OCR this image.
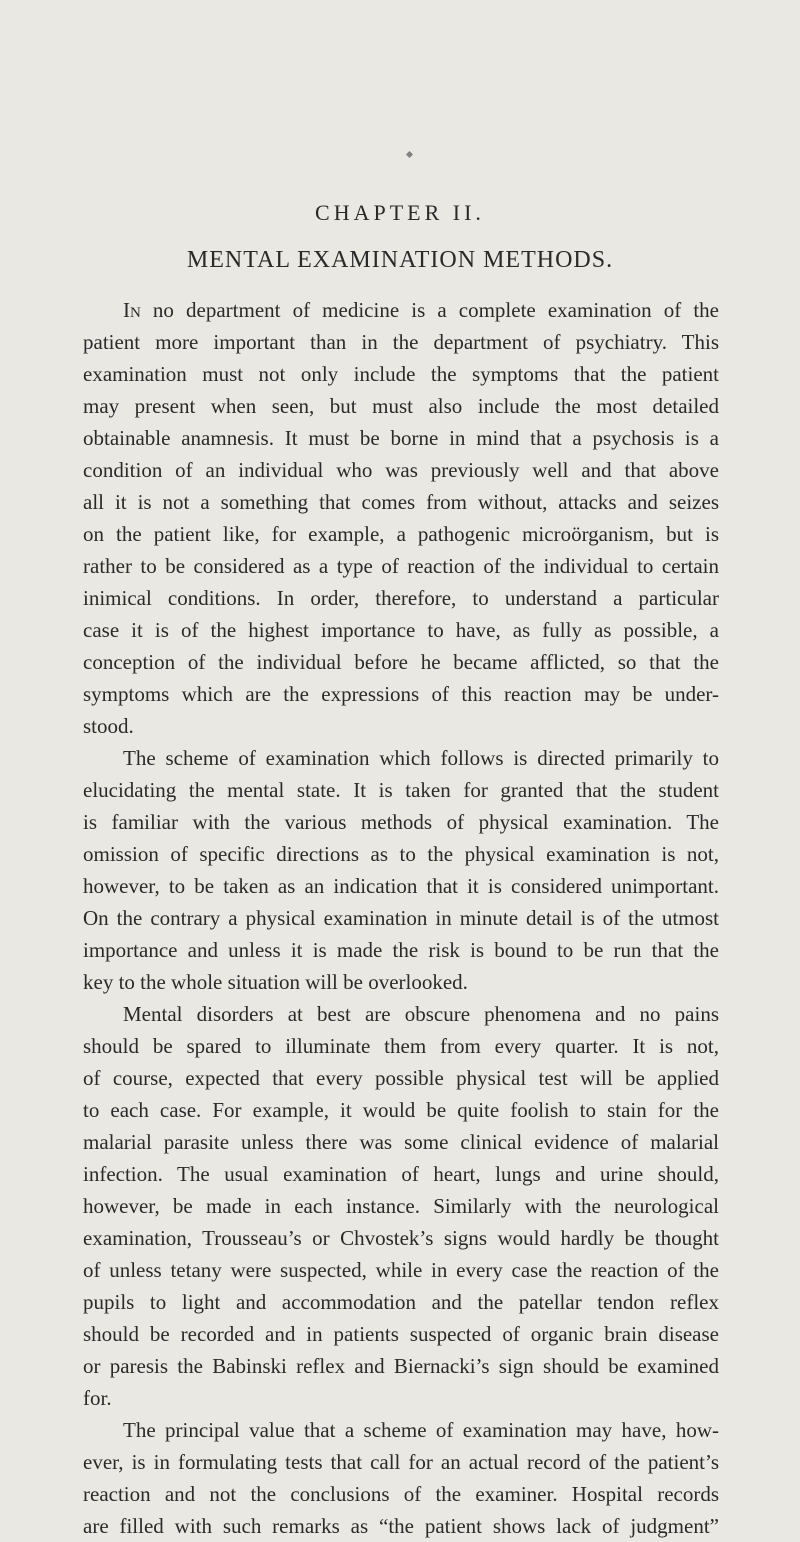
CHAPTER II.
MENTAL EXAMINATION METHODS.
In no department of medicine is a complete examination of the
patient more important than in the department of psychiatry. This
examination must not only include the symptoms that the patient
may present when seen, but must also include the most detailed
obtainable anamnesis. It must be borne in mind that a psychosis is a
condition of an individual who was previously well and that above
all it is not a something that comes from without, attacks and seizes
on the patient like, for example, a pathogenic microörganism, but is
rather to be considered as a type of reaction of the individual to certain
inimical conditions. In order, therefore, to understand a particular
case it is of the highest importance to have, as fully as possible, a
conception of the individual before he became afflicted, so that the
symptoms which are the expressions of this reaction may be under-
stood.
The scheme of examination which follows is directed primarily to
elucidating the mental state. It is taken for granted that the student
is familiar with the various methods of physical examination. The
omission of specific directions as to the physical examination is not,
however, to be taken as an indication that it is considered unimportant.
On the contrary a physical examination in minute detail is of the utmost
importance and unless it is made the risk is bound to be run that the
key to the whole situation will be overlooked.
Mental disorders at best are obscure phenomena and no pains
should be spared to illuminate them from every quarter. It is not,
of course, expected that every possible physical test will be applied
to each case. For example, it would be quite foolish to stain for the
malarial parasite unless there was some clinical evidence of malarial
infection. The usual examination of heart, lungs and urine should,
however, be made in each instance. Similarly with the neurological
examination, Trousseau’s or Chvostek’s signs would hardly be thought
of unless tetany were suspected, while in every case the reaction of the
pupils to light and accommodation and the patellar tendon reflex
should be recorded and in patients suspected of organic brain disease
or paresis the Babinski reflex and Biernacki’s sign should be examined
for.
The principal value that a scheme of examination may have, how-
ever, is in formulating tests that call for an actual record of the patient’s
reaction and not the conclusions of the examiner. Hospital records
are filled with such remarks as “the patient shows lack of judgment”
